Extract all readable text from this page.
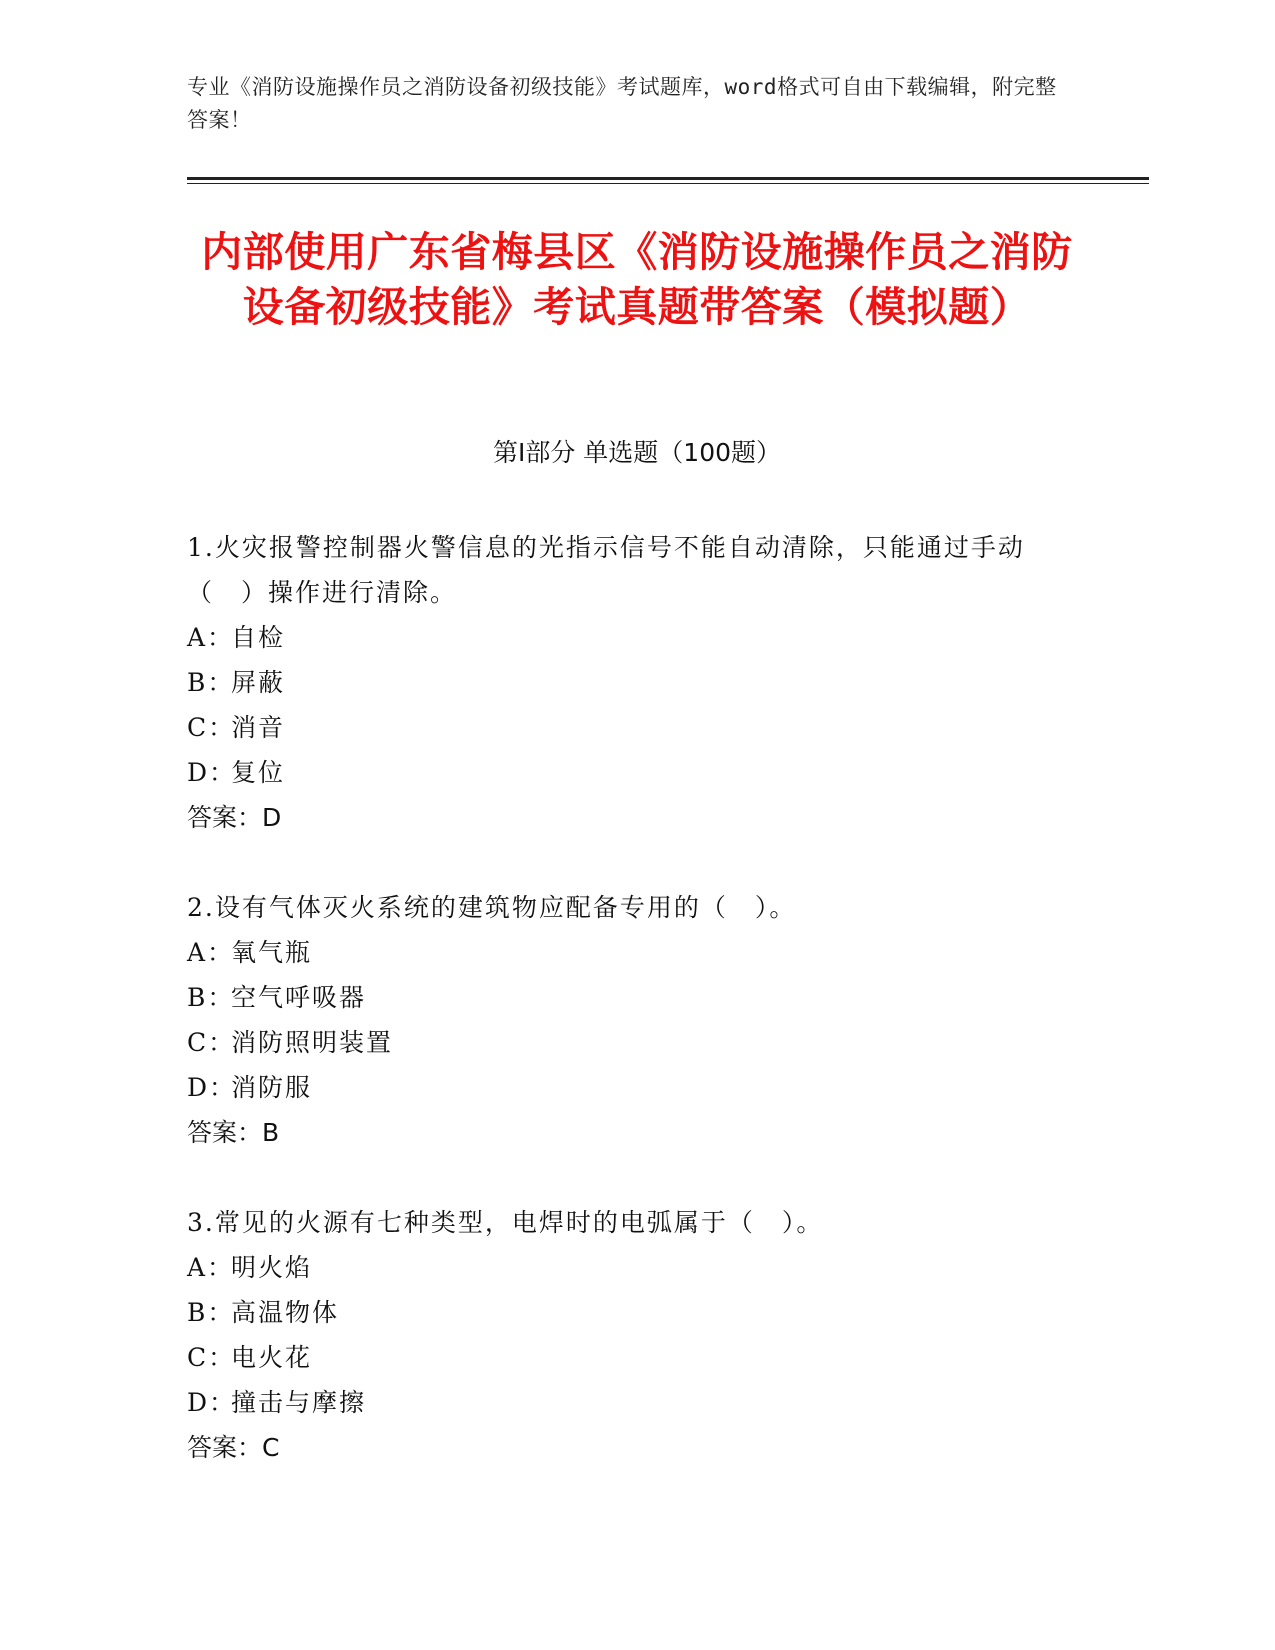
专业《消防设施操作员之消防设备初级技能》考试题库，word格式可自由下载编辑，附完整答案！
内部使用广东省梅县区《消防设施操作员之消防设备初级技能》考试真题带答案（模拟题）
第Ⅰ部分 单选题（100题）
1.火灾报警控制器火警信息的光指示信号不能自动清除，只能通过手动（　）操作进行清除。
A：自检
B：屏蔽
C：消音
D：复位
答案：D
2.设有气体灭火系统的建筑物应配备专用的（　）。
A：氧气瓶
B：空气呼吸器
C：消防照明装置
D：消防服
答案：B
3.常见的火源有七种类型，电焊时的电弧属于（　）。
A：明火焰
B：高温物体
C：电火花
D：撞击与摩擦
答案：C
